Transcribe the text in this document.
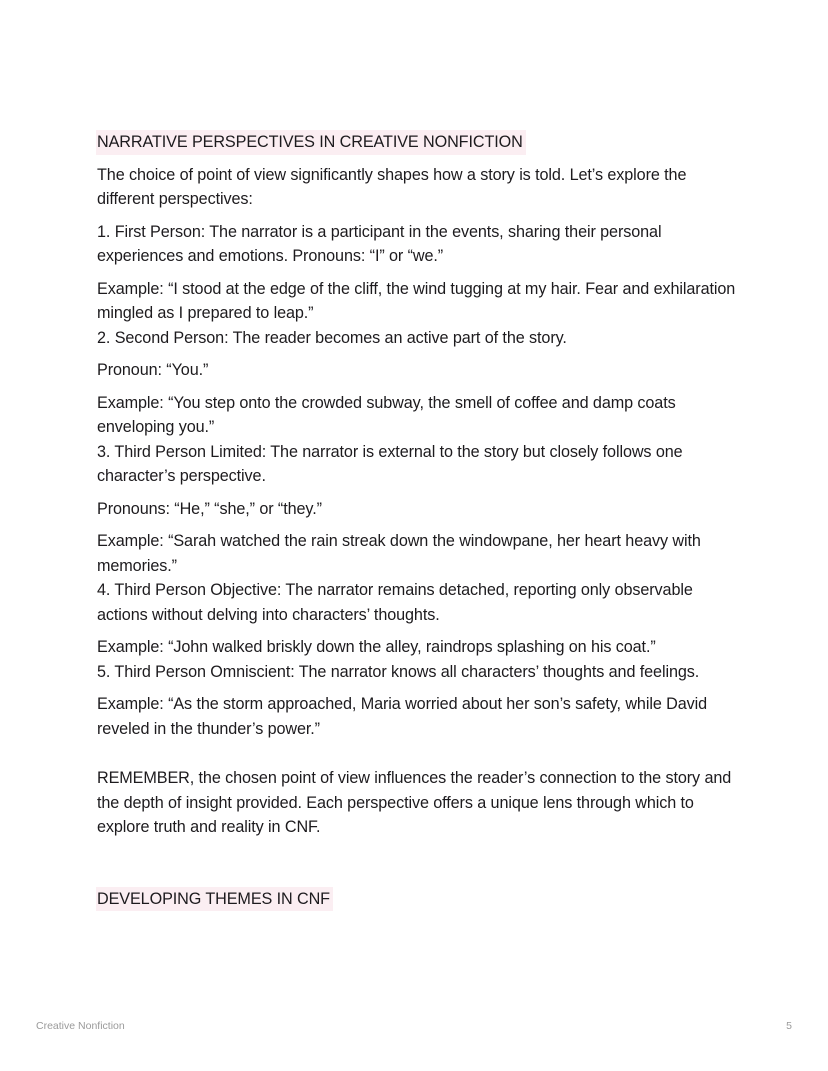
NARRATIVE PERSPECTIVES IN CREATIVE NONFICTION

The choice of point of view significantly shapes how a story is told. Let’s explore the different perspectives:

1. First Person: The narrator is a participant in the events, sharing their personal experiences and emotions. Pronouns: “I” or “we.”

Example: “I stood at the edge of the cliff, the wind tugging at my hair. Fear and exhilaration mingled as I prepared to leap.”

2. Second Person: The reader becomes an active part of the story.

Pronoun: “You.”

Example: “You step onto the crowded subway, the smell of coffee and damp coats enveloping you.”

3. Third Person Limited: The narrator is external to the story but closely follows one character’s perspective.

Pronouns: “He,” “she,” or “they.”

Example: “Sarah watched the rain streak down the windowpane, her heart heavy with memories.”

4. Third Person Objective: The narrator remains detached, reporting only observable actions without delving into characters’ thoughts.

Example: “John walked briskly down the alley, raindrops splashing on his coat.”

5. Third Person Omniscient: The narrator knows all characters’ thoughts and feelings.

Example: “As the storm approached, Maria worried about her son’s safety, while David reveled in the thunder’s power.”

REMEMBER, the chosen point of view influences the reader’s connection to the story and the depth of insight provided. Each perspective offers a unique lens through which to explore truth and reality in CNF.

DEVELOPING THEMES IN CNF
Creative Nonfiction	5
